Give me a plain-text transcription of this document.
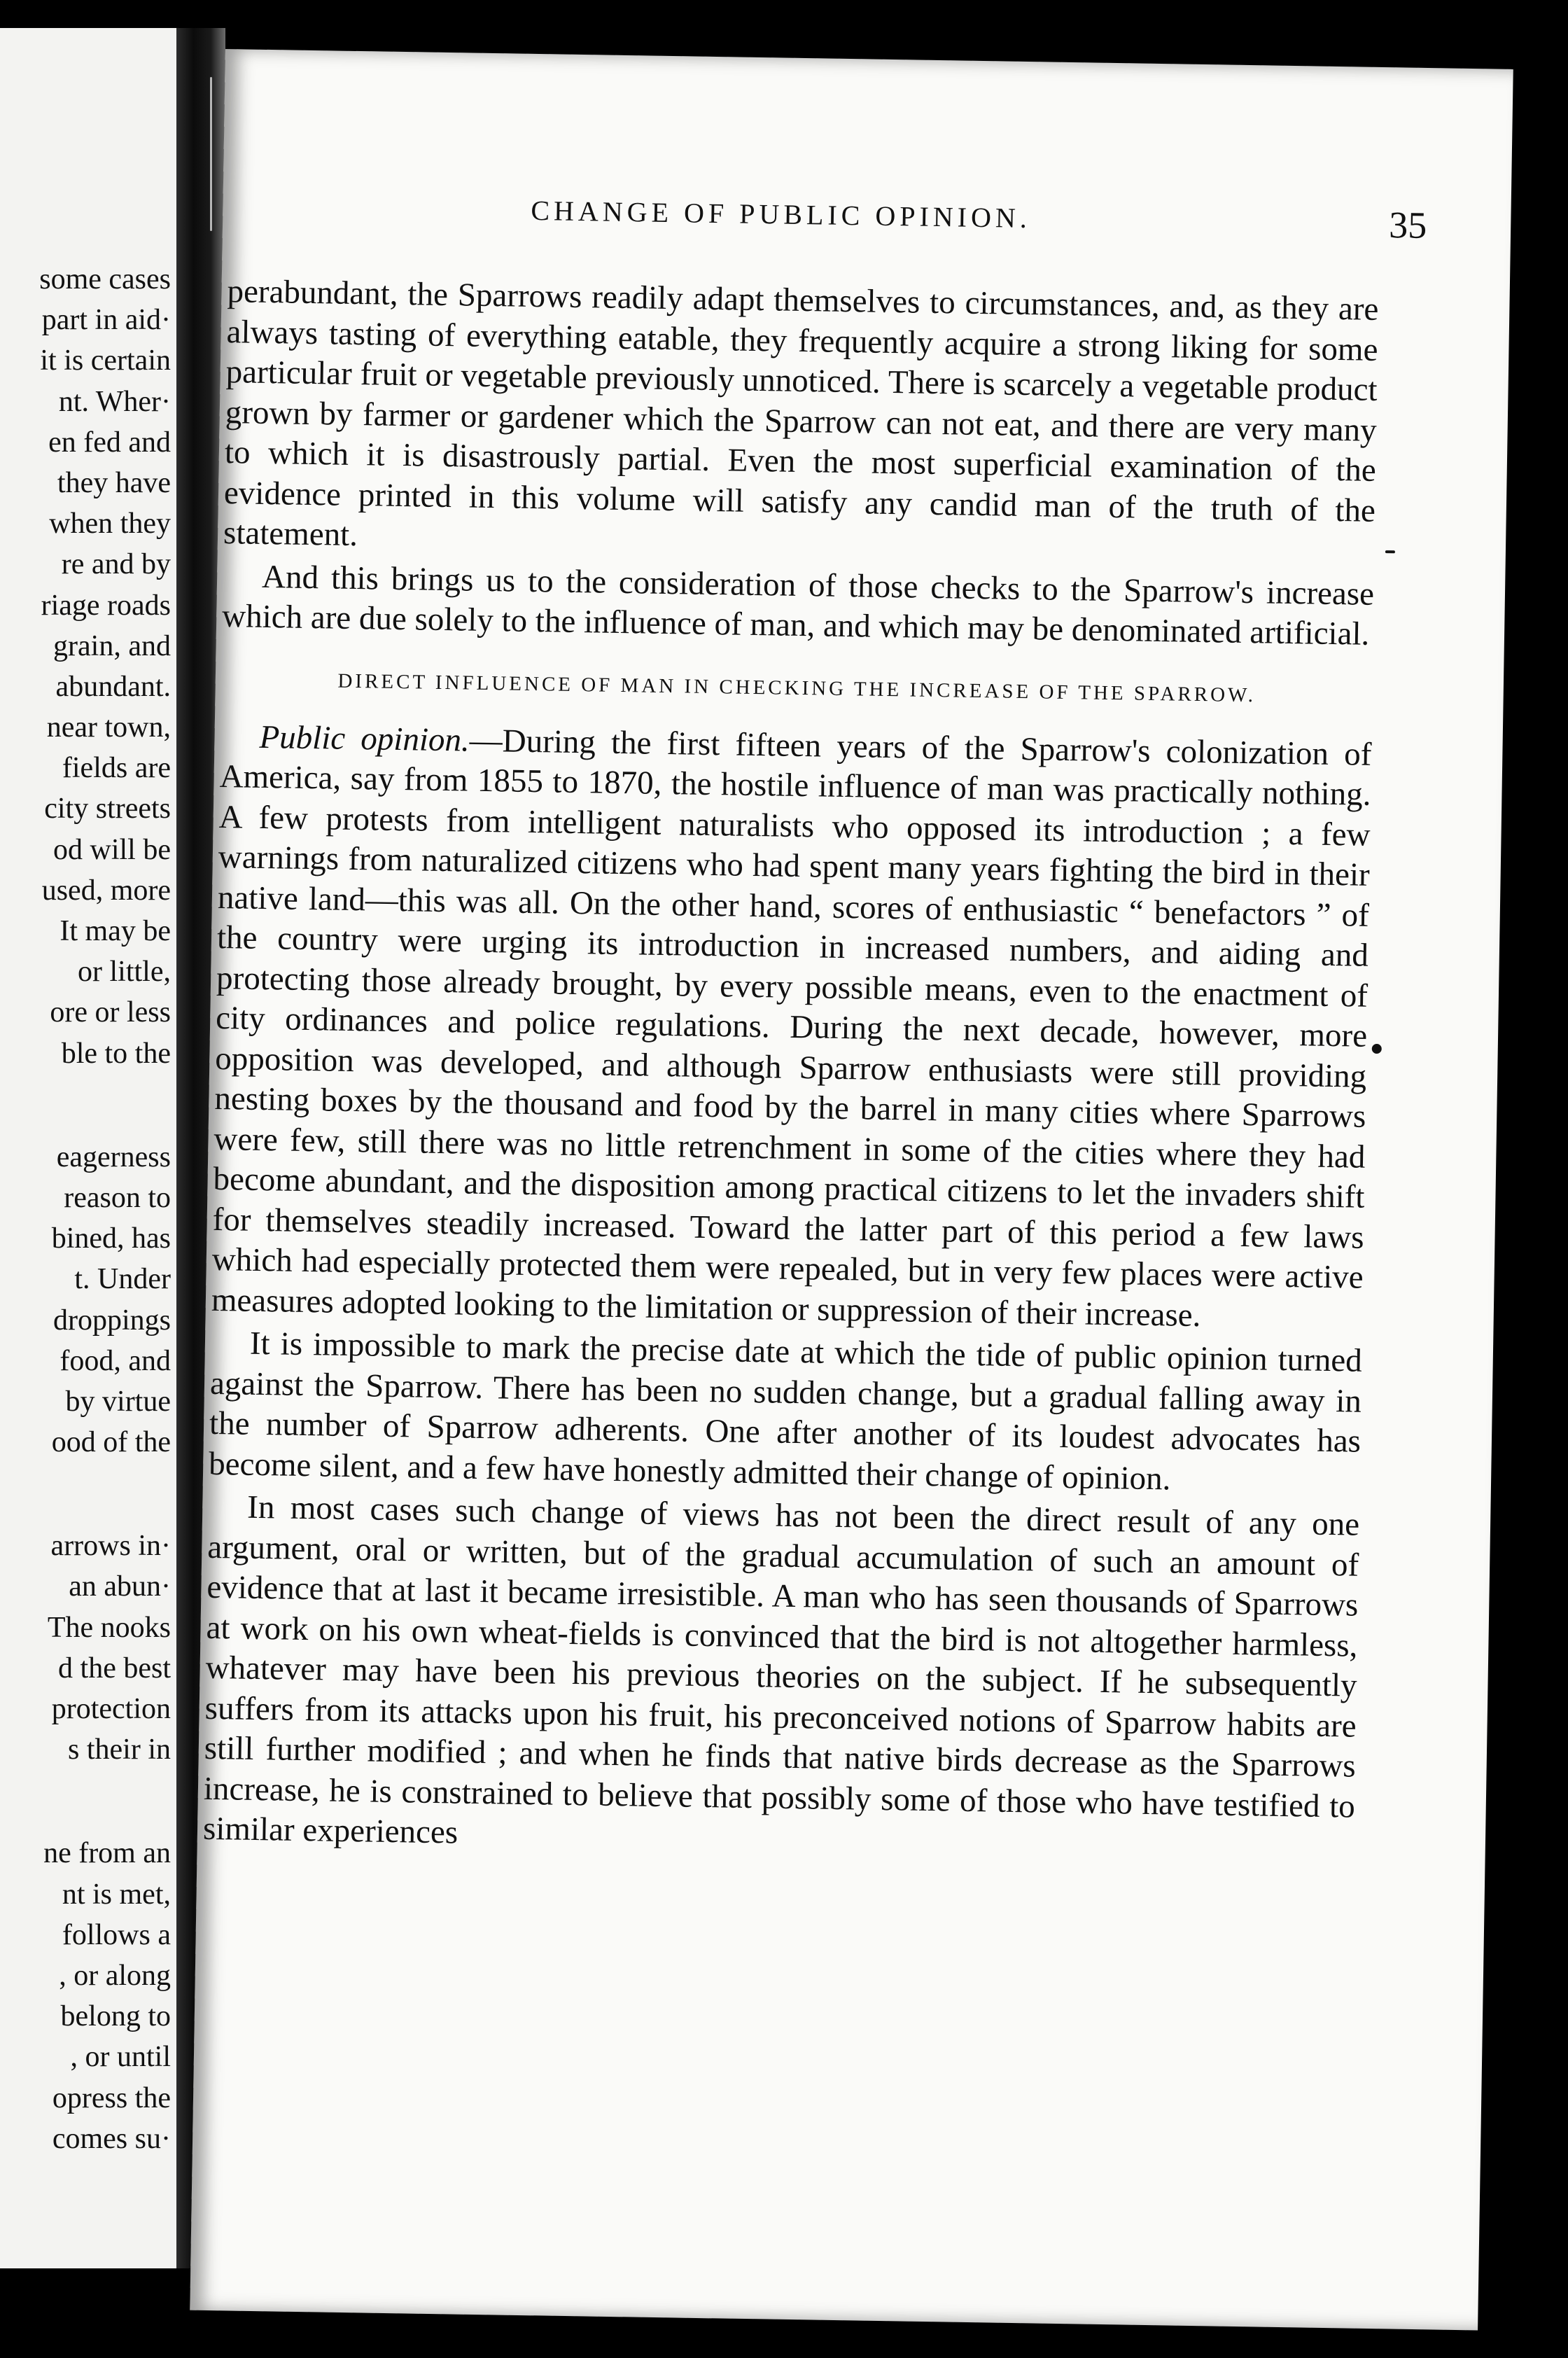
some cases
part in aid·
it is certain
nt. Wher·
en fed and
they have
when they
re and by
riage roads
grain, and
abundant.
near town,
fields are
city streets
od will be
used, more
It may be
or little,
ore or less
ble to the
eagerness
reason to
bined, has
t. Under
droppings
food, and
by virtue
ood of the
arrows in·
an abun·
The nooks
d the best
protection
s their in
ne from an
nt is met,
follows a
, or along
belong to
, or until
opress the
comes su·
CHANGE OF PUBLIC OPINION.	35

perabundant, the Sparrows readily adapt themselves to circumstances, and, as they are always tasting of everything eatable, they frequently acquire a strong liking for some particular fruit or vegetable previously unnoticed. There is scarcely a vegetable product grown by farmer or gardener which the Sparrow can not eat, and there are very many to which it is disastrously partial. Even the most superficial examination of the evidence printed in this volume will satisfy any candid man of the truth of the statement.

And this brings us to the consideration of those checks to the Sparrow's increase which are due solely to the influence of man, and which may be denominated artificial.

DIRECT INFLUENCE OF MAN IN CHECKING THE INCREASE OF THE SPARROW.

Public opinion.—During the first fifteen years of the Sparrow's colonization of America, say from 1855 to 1870, the hostile influence of man was practically nothing. A few protests from intelligent naturalists who opposed its introduction ; a few warnings from naturalized citizens who had spent many years fighting the bird in their native land—this was all. On the other hand, scores of enthusiastic “ benefactors ” of the country were urging its introduction in increased numbers, and aiding and protecting those already brought, by every possible means, even to the enactment of city ordinances and police regulations. During the next decade, however, more opposition was developed, and although Sparrow enthusiasts were still providing nesting boxes by the thousand and food by the barrel in many cities where Sparrows were few, still there was no little retrenchment in some of the cities where they had become abundant, and the disposition among practical citizens to let the invaders shift for themselves steadily increased. Toward the latter part of this period a few laws which had especially protected them were repealed, but in very few places were active measures adopted looking to the limitation or suppression of their increase.

It is impossible to mark the precise date at which the tide of public opinion turned against the Sparrow. There has been no sudden change, but a gradual falling away in the number of Sparrow adherents. One after another of its loudest advocates has become silent, and a few have honestly admitted their change of opinion.

In most cases such change of views has not been the direct result of any one argument, oral or written, but of the gradual accumulation of such an amount of evidence that at last it became irresistible. A man who has seen thousands of Sparrows at work on his own wheat-fields is convinced that the bird is not altogether harmless, whatever may have been his previous theories on the subject. If he subsequently suffers from its attacks upon his fruit, his preconceived notions of Sparrow habits are still further modified ; and when he finds that native birds decrease as the Sparrows increase, he is constrained to believe that possibly some of those who have testified to similar experiences
